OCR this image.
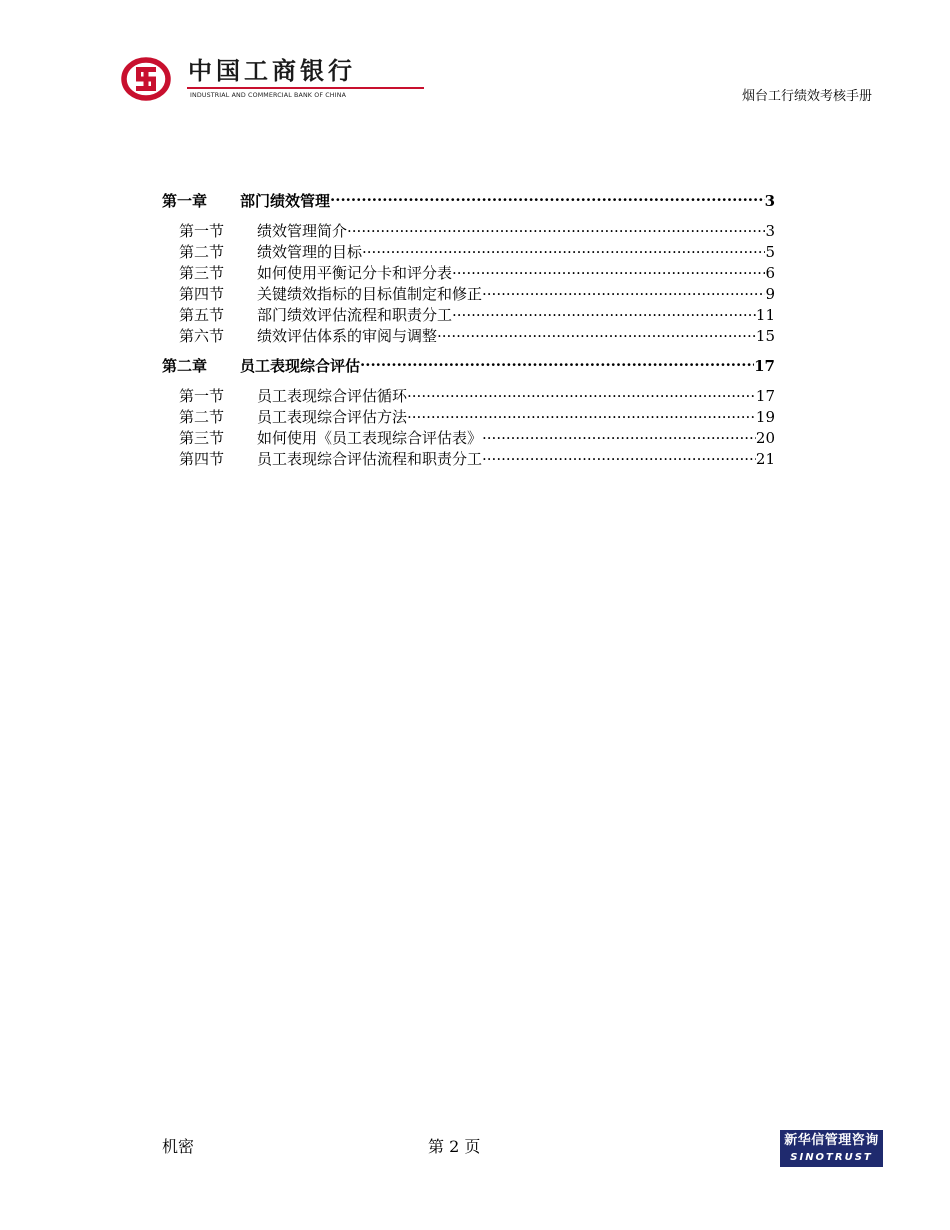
中国工商银行
INDUSTRIAL AND COMMERCIAL BANK OF CHINA	烟台工行绩效考核手册
第一章	部门绩效管理 .....	3
第一节	绩效管理简介 .....	3
第二节	绩效管理的目标 .....	5
第三节	如何使用平衡记分卡和评分表 .....	6
第四节	关键绩效指标的目标值制定和修正 .....	9
第五节	部门绩效评估流程和职责分工 .....	11
第六节	绩效评估体系的审阅与调整 .....	15
第二章	员工表现综合评估 .....	17
第一节	员工表现综合评估循环 .....	17
第二节	员工表现综合评估方法 .....	19
第三节	如何使用《员工表现综合评估表》 .....	20
第四节	员工表现综合评估流程和职责分工 .....	21
机密	第 2 页	新华信管理咨询
SINOTRUST
